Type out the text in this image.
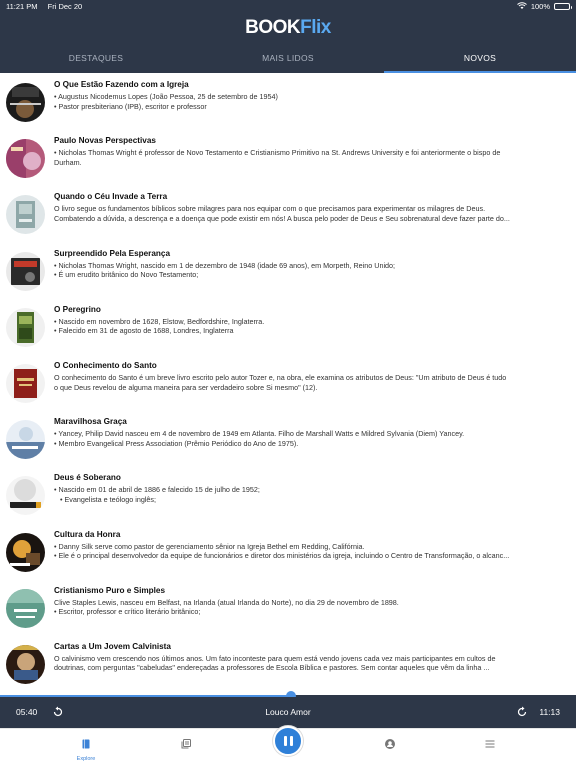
11:21 PM Fri Dec 20	100%
BOOKFlix
DESTAQUES	MAIS LIDOS	NOVOS
O Que Estão Fazendo com a Igreja
• Augustus Nicodemus Lopes (João Pessoa, 25 de setembro de 1954)
• Pastor presbiteriano (IPB), escritor e professor
Paulo Novas Perspectivas
• Nicholas Thomas Wright é professor de Novo Testamento e Cristianismo Primitivo na St. Andrews University e foi anteriormente o bispo de
Durham.
Quando o Céu Invade a Terra
O livro segue os fundamentos bíblicos sobre milagres para nos equipar com o que precisamos para experimentar os milagres de Deus.
Combatendo a dúvida, a descrença e a doença que pode existir em nós! A busca pelo poder de Deus e Seu sobrenatural deve fazer parte do...
Surpreendido Pela Esperança
• Nicholas Thomas Wright, nascido em 1 de dezembro de 1948 (idade 69 anos), em Morpeth, Reino Unido;
• É um erudito britânico do Novo Testamento;
O Peregrino
• Nascido em novembro de 1628, Elstow, Bedfordshire, Inglaterra.
• Falecido em 31 de agosto de 1688, Londres, Inglaterra
O Conhecimento do Santo
O conhecimento do Santo é um breve livro escrito pelo autor Tozer e, na obra, ele examina os atributos de Deus: "Um atributo de Deus é tudo
o que Deus revelou de alguma maneira para ser verdadeiro sobre Si mesmo" (12).
Maravilhosa Graça
• Yancey, Philip David nasceu em 4 de novembro de 1949 em Atlanta. Filho de Marshall Watts e Mildred Sylvania (Diem) Yancey.
• Membro Evangelical Press Association (Prêmio Periódico do Ano de 1975).
Deus é Soberano
• Nascido em 01 de abril de 1886 e falecido 15 de julho de 1952;
• Evangelista e teólogo inglês;
Cultura da Honra
• Danny Silk serve como pastor de gerenciamento sênior na Igreja Bethel em Redding, Califórnia.
• Ele é o principal desenvolvedor da equipe de funcionários e diretor dos ministérios da igreja, incluindo o Centro de Transformação, o alcanc...
Cristianismo Puro e Simples
Clive Staples Lewis, nasceu em Belfast, na Irlanda (atual Irlanda do Norte), no dia 29 de novembro de 1898.
• Escritor, professor e crítico literário britânico;
Cartas a Um Jovem Calvinista
O calvinismo vem crescendo nos últimos anos. Um fato inconteste para quem está vendo jovens cada vez mais participantes em cultos de
doutrinas, com perguntas "cabeludas" endereçadas a professores de Escola Bíblica e pastores. Sem contar aqueles que vêm da linha ...
05:40	Louco Amor	11:13
Explore
